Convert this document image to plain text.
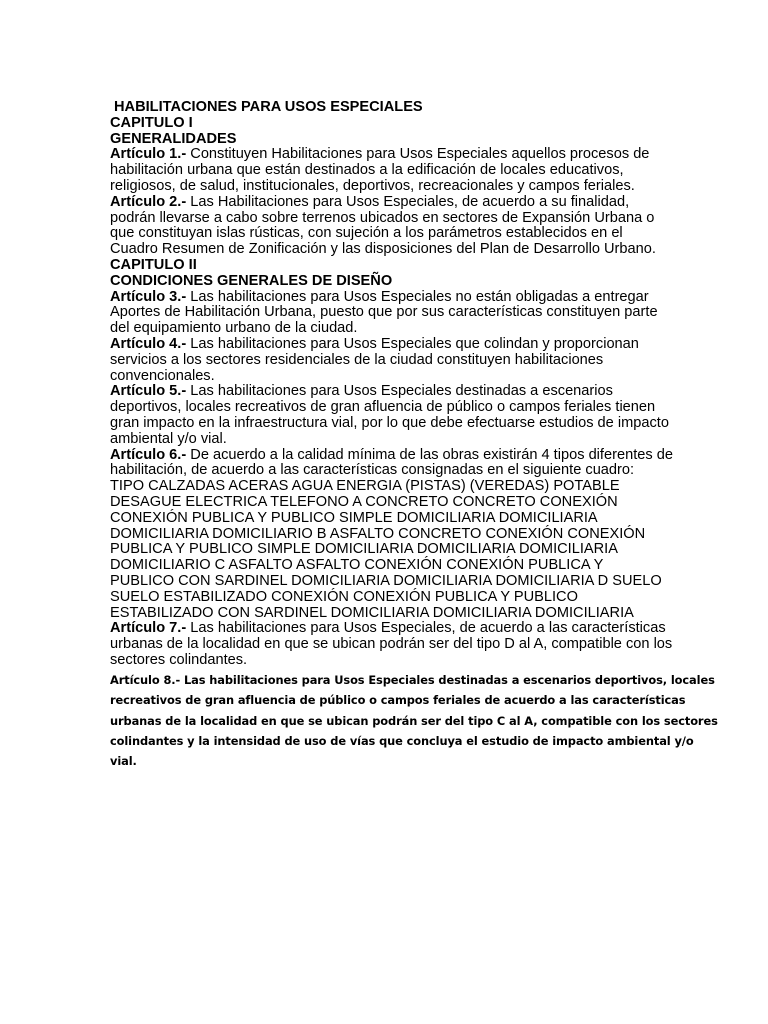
HABILITACIONES PARA USOS ESPECIALES
CAPITULO I
GENERALIDADES
Artículo 1.- Constituyen Habilitaciones para Usos Especiales aquellos procesos de
habilitación urbana que están destinados a la edificación de locales educativos,
religiosos, de salud, institucionales, deportivos, recreacionales y campos feriales.
Artículo 2.- Las Habilitaciones para Usos Especiales, de acuerdo a su finalidad,
podrán llevarse a cabo sobre terrenos ubicados en sectores de Expansión Urbana o
que constituyan islas rústicas, con sujeción a los parámetros establecidos en el
Cuadro Resumen de Zonificación y las disposiciones del Plan de Desarrollo Urbano.
CAPITULO II
CONDICIONES GENERALES DE DISEÑO
Artículo 3.- Las habilitaciones para Usos Especiales no están obligadas a entregar
Aportes de Habilitación Urbana, puesto que por sus características constituyen parte
del equipamiento urbano de la ciudad.
Artículo 4.- Las habilitaciones para Usos Especiales que colindan y proporcionan
servicios a los sectores residenciales de la ciudad constituyen habilitaciones
convencionales.
Artículo 5.- Las habilitaciones para Usos Especiales destinadas a escenarios
deportivos, locales recreativos de gran afluencia de público o campos feriales tienen
gran impacto en la infraestructura vial, por lo que debe efectuarse estudios de impacto
ambiental y/o vial.
Artículo 6.- De acuerdo a la calidad mínima de las obras existirán 4 tipos diferentes de
habilitación, de acuerdo a las características consignadas en el siguiente cuadro:
TIPO CALZADAS ACERAS AGUA ENERGIA (PISTAS) (VEREDAS) POTABLE
DESAGUE ELECTRICA TELEFONO A CONCRETO CONCRETO CONEXIÓN
CONEXIÓN PUBLICA Y PUBLICO SIMPLE DOMICILIARIA DOMICILIARIA
DOMICILIARIA DOMICILIARIO B ASFALTO CONCRETO CONEXIÓN CONEXIÓN
PUBLICA Y PUBLICO SIMPLE DOMICILIARIA DOMICILIARIA DOMICILIARIA
DOMICILIARIO C ASFALTO ASFALTO CONEXIÓN CONEXIÓN PUBLICA Y
PUBLICO CON SARDINEL DOMICILIARIA DOMICILIARIA DOMICILIARIA D SUELO
SUELO ESTABILIZADO CONEXIÓN CONEXIÓN PUBLICA Y PUBLICO
ESTABILIZADO CON SARDINEL DOMICILIARIA DOMICILIARIA DOMICILIARIA
Artículo 7.- Las habilitaciones para Usos Especiales, de acuerdo a las características
urbanas de la localidad en que se ubican podrán ser del tipo D al A, compatible con los
sectores colindantes.
Artículo 8.- Las habilitaciones para Usos Especiales destinadas a escenarios deportivos, locales
recreativos de gran afluencia de público o campos feriales de acuerdo a las características
urbanas de la localidad en que se ubican podrán ser del tipo C al A, compatible con los sectores
colindantes y la intensidad de uso de vías que concluya el estudio de impacto ambiental y/o
vial.
